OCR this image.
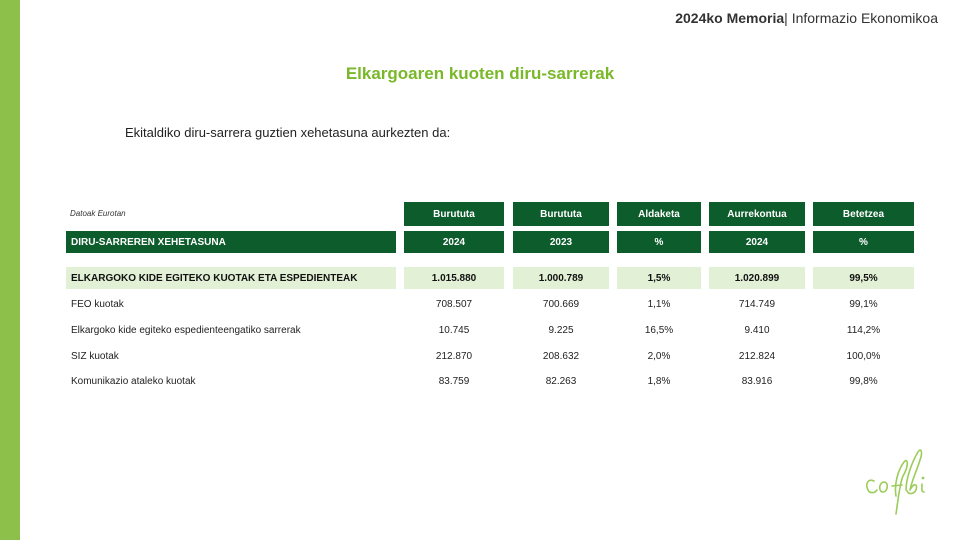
2024ko Memoria| Informazio Ekonomikoa
Elkargoaren kuoten diru-sarrerak
Ekitaldiko diru-sarrera guztien xehetasuna aurkezten da:
Datoak Eurotan	Burututa	Burututa	Aldaketa	Aurrekontua	Betetzea
DIRU-SARREREN XEHETASUNA	2024	2023	%	2024	%
ELKARGOKO KIDE EGITEKO KUOTAK ETA ESPEDIENTEAK	1.015.880	1.000.789	1,5%	1.020.899	99,5%
FEO kuotak	708.507	700.669	1,1%	714.749	99,1%
Elkargoko kide egiteko espedienteengatiko sarrerak	10.745	9.225	16,5%	9.410	114,2%
SIZ kuotak	212.870	208.632	2,0%	212.824	100,0%
Komunikazio ataleko kuotak	83.759	82.263	1,8%	83.916	99,8%
